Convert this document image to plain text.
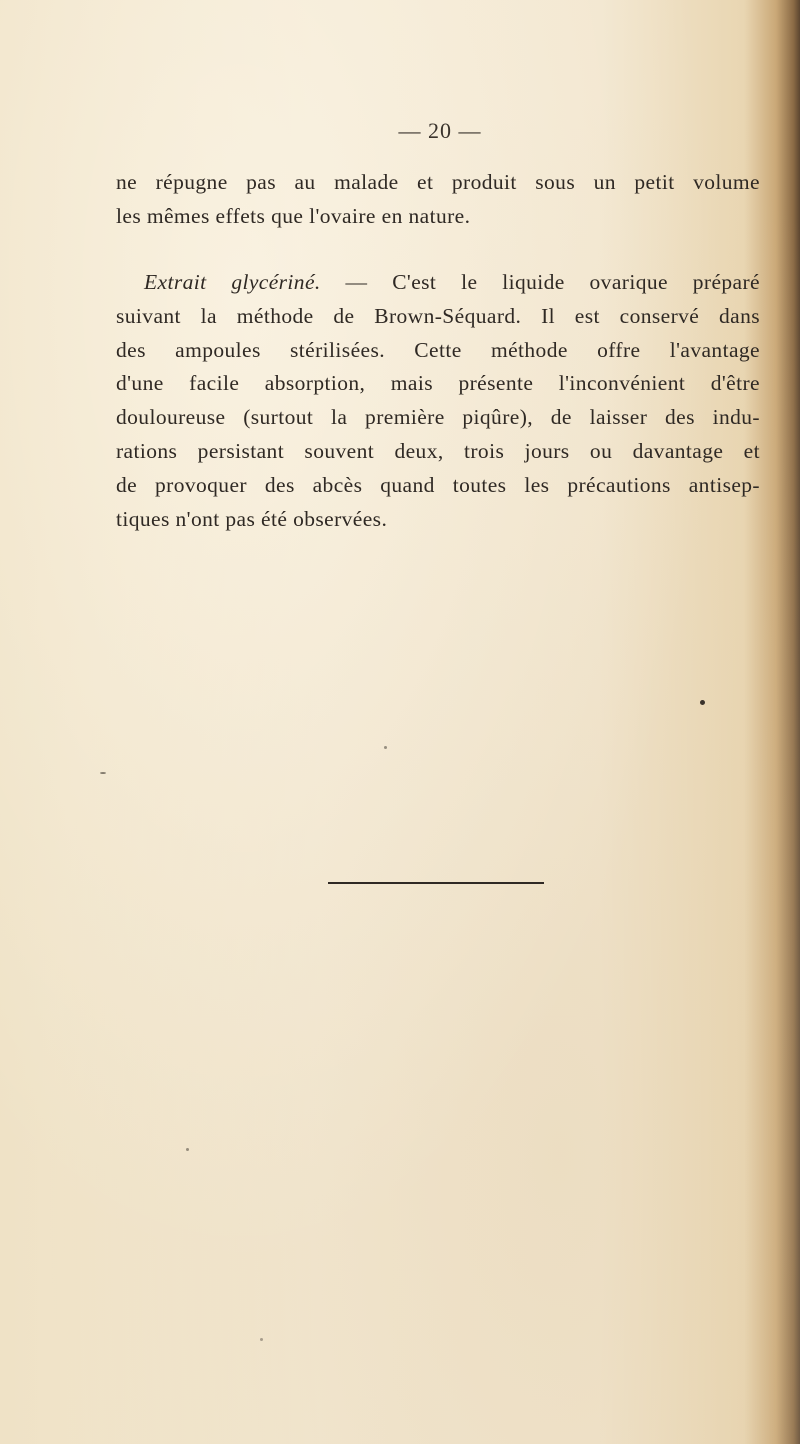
— 20 —
ne répugne pas au malade et produit sous un petit volume
les mêmes effets que l'ovaire en nature.
Extrait glycériné. — C'est le liquide ovarique préparé
suivant la méthode de Brown-Séquard. Il est conservé dans
des ampoules stérilisées. Cette méthode offre l'avantage
d'une facile absorption, mais présente l'inconvénient d'être
douloureuse (surtout la première piqûre), de laisser des indu-
rations persistant souvent deux, trois jours ou davantage et
de provoquer des abcès quand toutes les précautions antisep-
tiques n'ont pas été observées.
